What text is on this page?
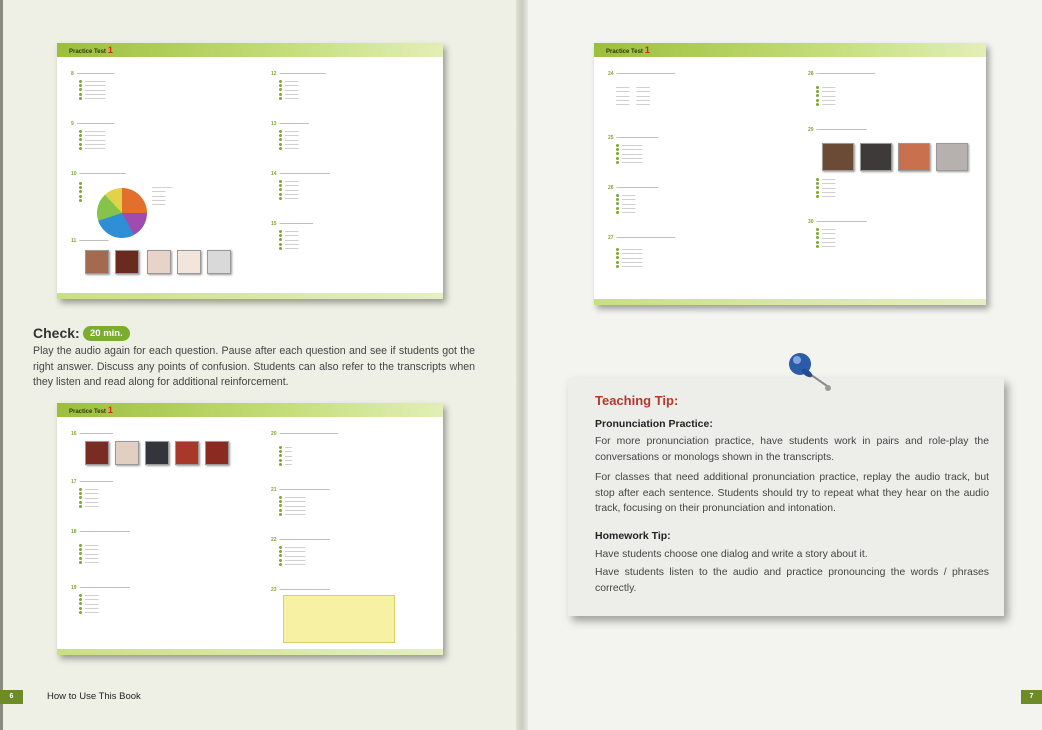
Practice Test 1
8 ―――――――――
――――――
――――――
――――――
――――――
――――――
9 ―――――――――
――――――
――――――
――――――
――――――
――――――
10 ―――――――――――

――――――
――――
――――
――――
――――
11 ―――――――
12 ―――――――――――
――――
――――
――――
――――
――――
13 ―――――――
――――
――――
――――
――――
――――
14 ――――――――――――
――――
――――
――――
――――
――――
15 ――――――――
――――
――――
――――
――――
――――
Practice Test 1
24 ――――――――――――――
――――　　――――
――――　　――――
――――　　――――
――――　　――――
――――　　――――
25 ――――――――――
――――――
――――――
――――――
――――――
――――――
26 ――――――――――
――――
――――
――――
――――
――――
27 ――――――――――――――
――――――
――――――
――――――
――――――
――――――
28 ――――――――――――――
――――
――――
――――
――――
――――
29 ――――――――――――
――――
――――
――――
――――
――――
30 ――――――――――――
――――
――――
――――
――――
――――
Practice Test 1
16 ――――――――
17 ――――――――
――――
――――
――――
――――
――――
18 ――――――――――――
――――
――――
――――
――――
――――
19 ――――――――――――
――――
――――
――――
――――
――――
20 ――――――――――――――
――
――
――
――
――
21 ――――――――――――
――――――
――――――
――――――
――――――
――――――
22 ――――――――――――
――――――
――――――
――――――
――――――
――――――
23 ――――――――――――
Check:	20 min.
Play the audio again for each question. Pause after each question and see if students got the right answer. Discuss any points of confusion. Students can also refer to the transcripts when they listen and read along for additional reinforcement.
Teaching Tip:
Pronunciation Practice:
For more pronunciation practice, have students work in pairs and role-play the conversations or monologs shown in the transcripts.
For classes that need additional pronunciation practice, replay the audio track, but stop after each sentence. Students should try to repeat what they hear on the audio track, focusing on their pronunciation and intonation.
Homework Tip:
Have students choose one dialog and write a story about it.
Have students listen to the audio and practice pronouncing the words / phrases correctly.
6	How to Use This Book	7
